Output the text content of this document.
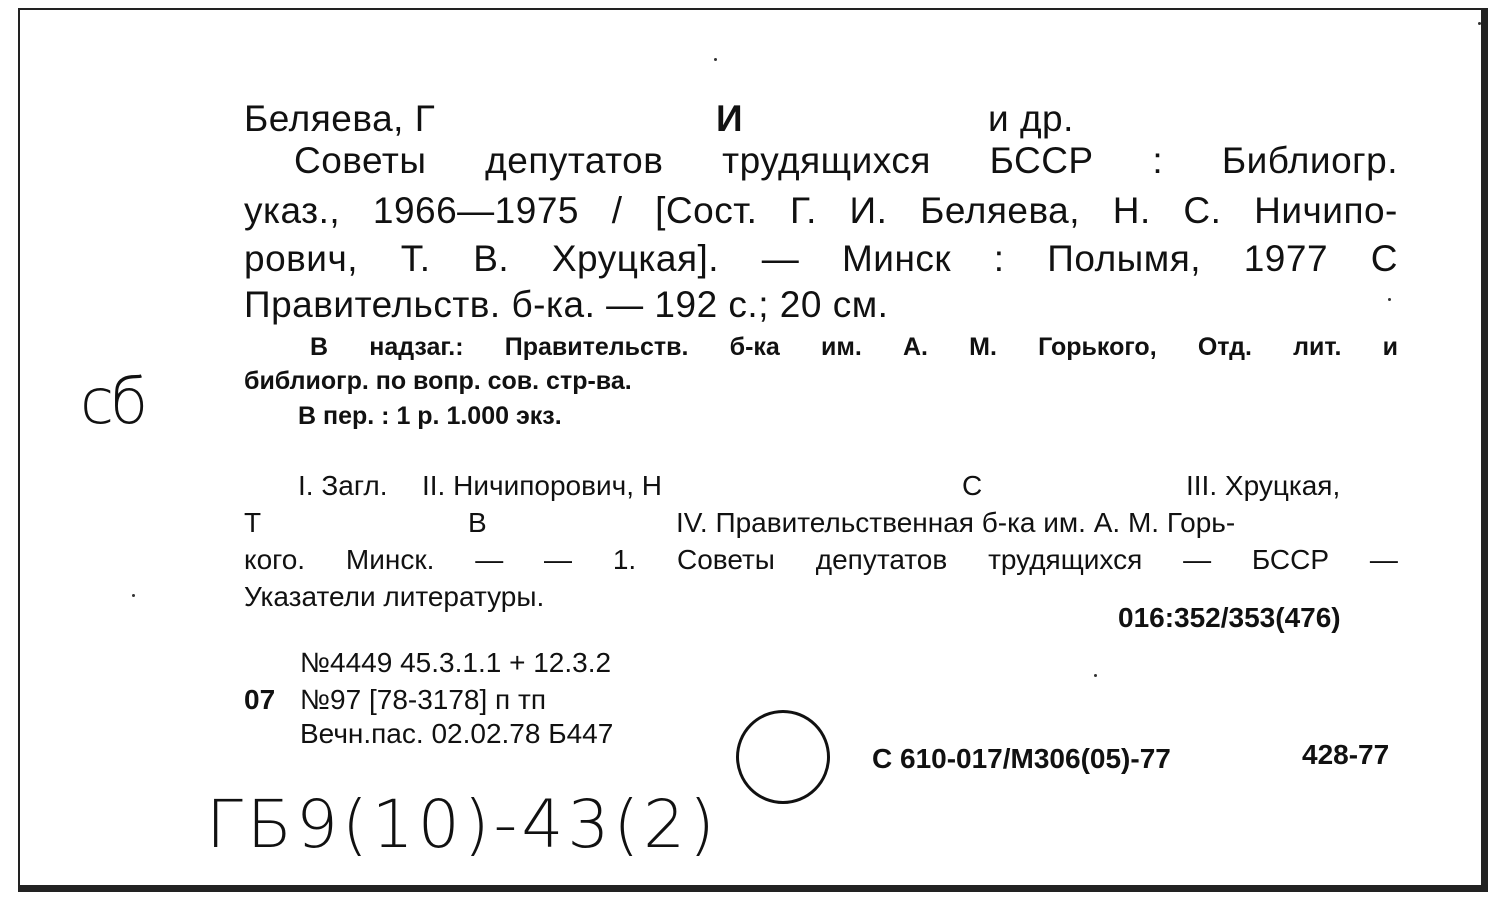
Беляева, Г	И	и др.
Советы депутатов трудящихся БССР : Библиогр.
указ., 1966—1975 / [Сост. Г. И. Беляева, Н. С. Ничипо-
рович, Т. В. Хруцкая]. — Минск : Полымя, 1977 С
Правительств. б-ка. — 192 с.; 20 см.
В надзаг.: Правительств. б-ка им. А. М. Горького, Отд. лит. и
библиогр. по вопр. сов. стр-ва.
В пер. : 1 р. 1.000 экз.
I. Загл. II. Ничипорович, Н	С	III. Хруцкая,
Т	В	IV. Правительственная б-ка им. А. М. Горь-
кого. Минск. — — 1. Советы депутатов трудящихся — БССР —
Указатели литературы.
016:352/353(476)
№4449 45.3.1.1 + 12.3.2
07 №97 [78-3178] п тп
Вечн.пас. 02.02.78 Б447
С 610-017/М306(05)-77	428-77
сб
ГБ9(10)-43(2)
